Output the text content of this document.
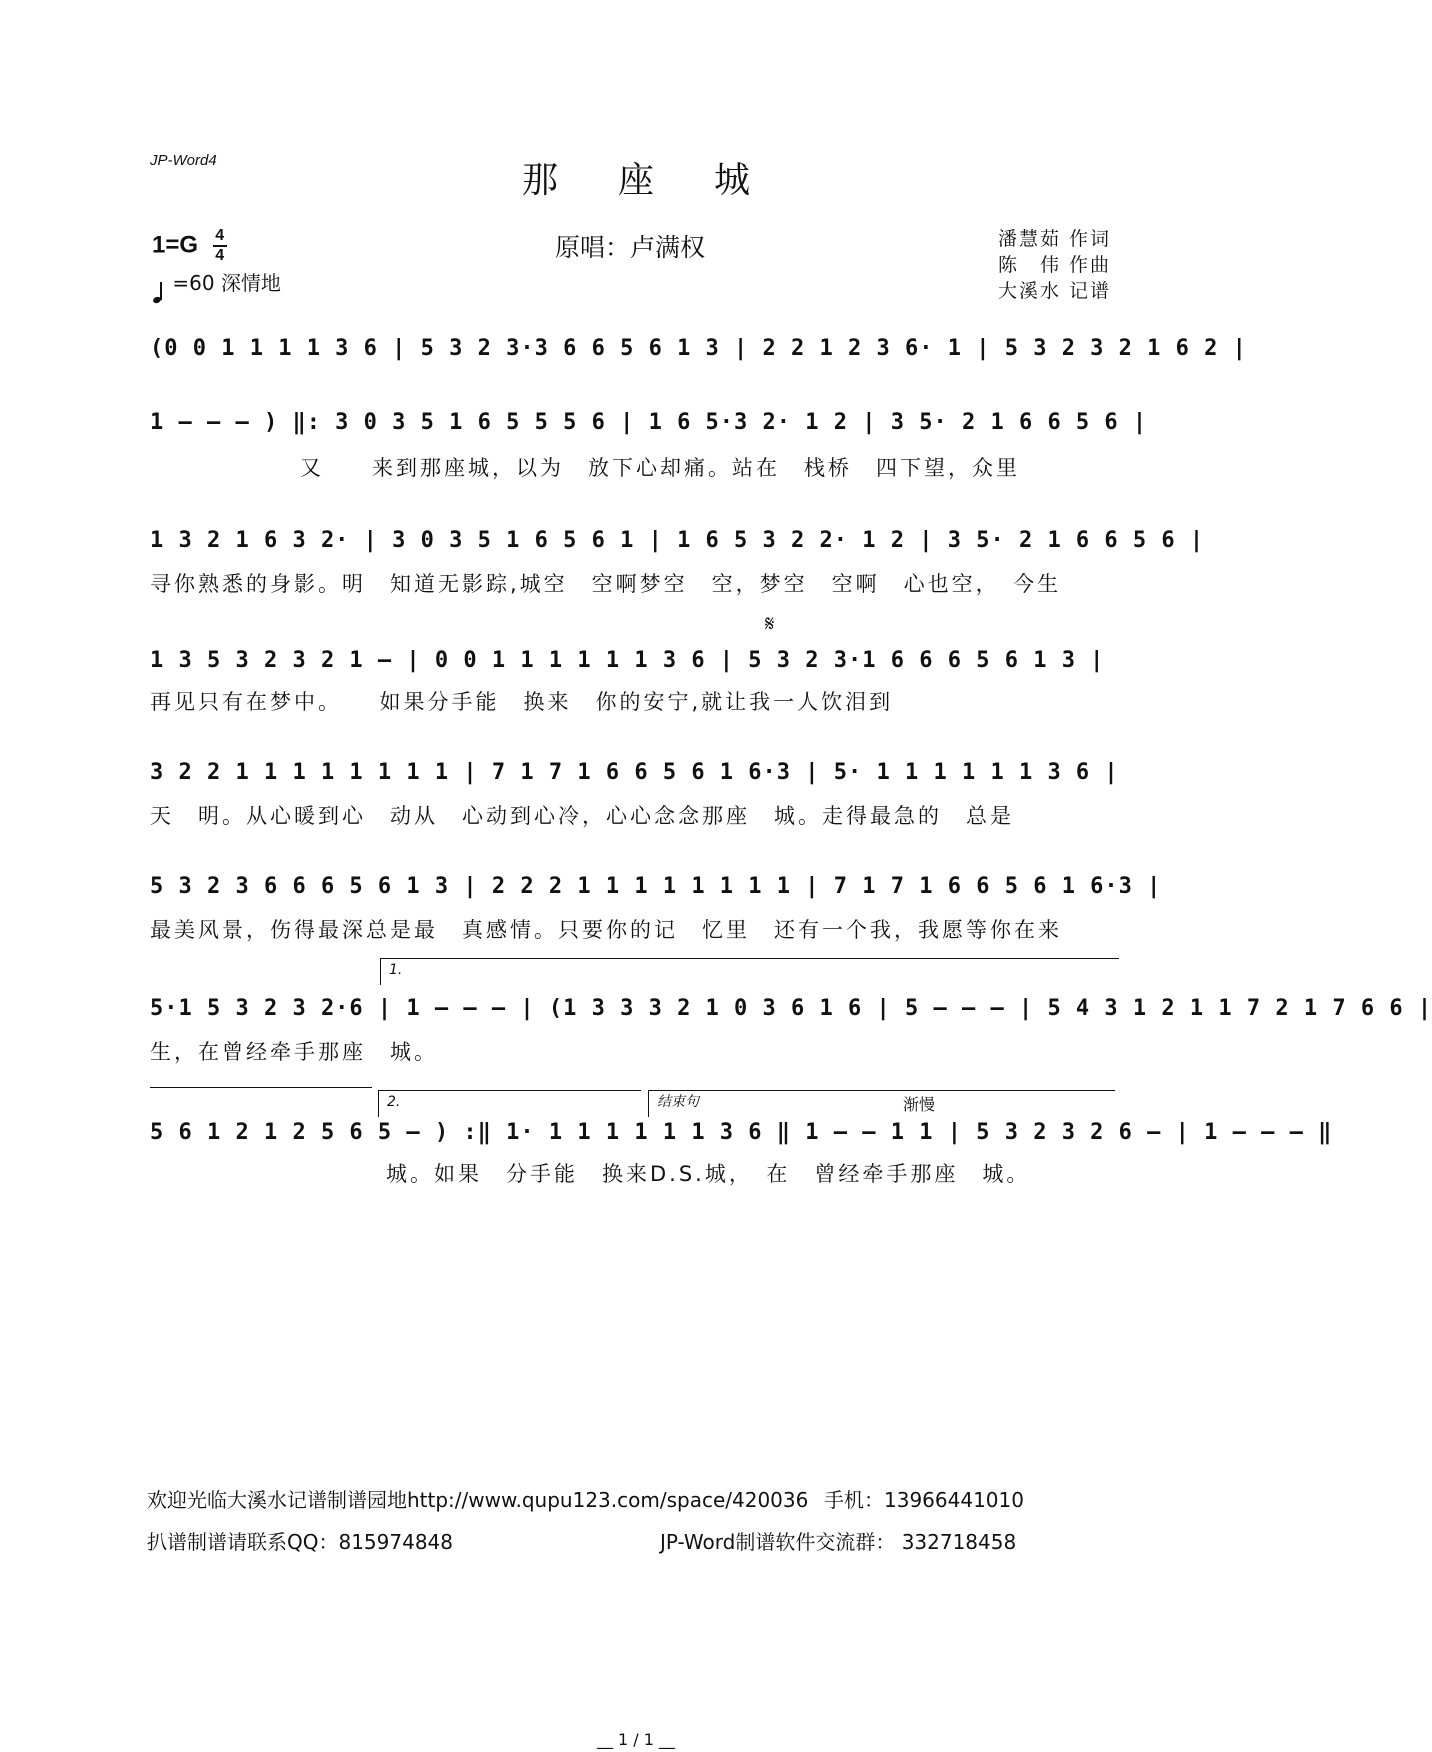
JP-Word4	那座城
$1=G \frac{4}{4}$
=60 深情地
原唱：卢满权	潘慧茹 作词
陈　伟 作曲
大溪水 记谱
(0 0 1 1 1 1 3 6 | 5 3 2 3·3 6 6 5 6 1 3 | 2 2 1 2 3 6· 1 | 5 3 2 3 2 1 6 2 |
1 – – – ) ‖: 3 0 3 5 1 6 5 5 5 6 | 1 6 5·3 2· 1 2 | 3 5· 2 1 6 6 5 6 |
又　　来到那座城，以为　放下心却痛。站在　栈桥　四下望，众里
1 3 2 1 6 3 2· | 3 0 3 5 1 6 5 6 1 | 1 6 5 3 2 2· 1 2 | 3 5· 2 1 6 6 5 6 |
寻你熟悉的身影。明　知道无影踪,城空　空啊梦空　空，梦空　空啊　心也空，　今生
𝄋
1 3 5 3 2 3 2 1 – | 0 0 1 1 1 1 1 1 3 6 | 5 3 2 3·1 6 6 6 5 6 1 3 |
再见只有在梦中。　　如果分手能　换来　你的安宁,就让我一人饮泪到
3 2 2 1 1 1 1 1 1 1 1 | 7 1 7 1 6 6 5 6 1 6·3 | 5· 1 1 1 1 1 1 3 6 |
天　明。从心暖到心　动从　心动到心冷，心心念念那座　城。走得最急的　总是
5 3 2 3 6 6 6 5 6 1 3 | 2 2 2 1 1 1 1 1 1 1 1 | 7 1 7 1 6 6 5 6 1 6·3 |
最美风景，伤得最深总是最　真感情。只要你的记　忆里　还有一个我，我愿等你在来
1.
5·1 5 3 2 3 2·6 | 1 – – – | (1 3 3 3 2 1 0 3 6 1 6 | 5 – – – | 5 4 3 1 2 1 1 7 2 1 7 6 6 |
生，在曾经牵手那座　城。
2.	结束句	渐慢
5 6 1 2 1 2 5 6 5 – ) :‖ 1· 1 1 1 1 1 1 3 6 ‖ 1 – – 1 1 | 5 3 2 3 2 6 – | 1 – – – ‖
城。如果　分手能　换来D.S.城，　在　曾经牵手那座　城。
欢迎光临大溪水记谱制谱园地http://www.qupu123.com/space/420036 手机：13966441010
扒谱制谱请联系QQ：815974848	JP-Word制谱软件交流群： 332718458
__ 1 / 1 __
